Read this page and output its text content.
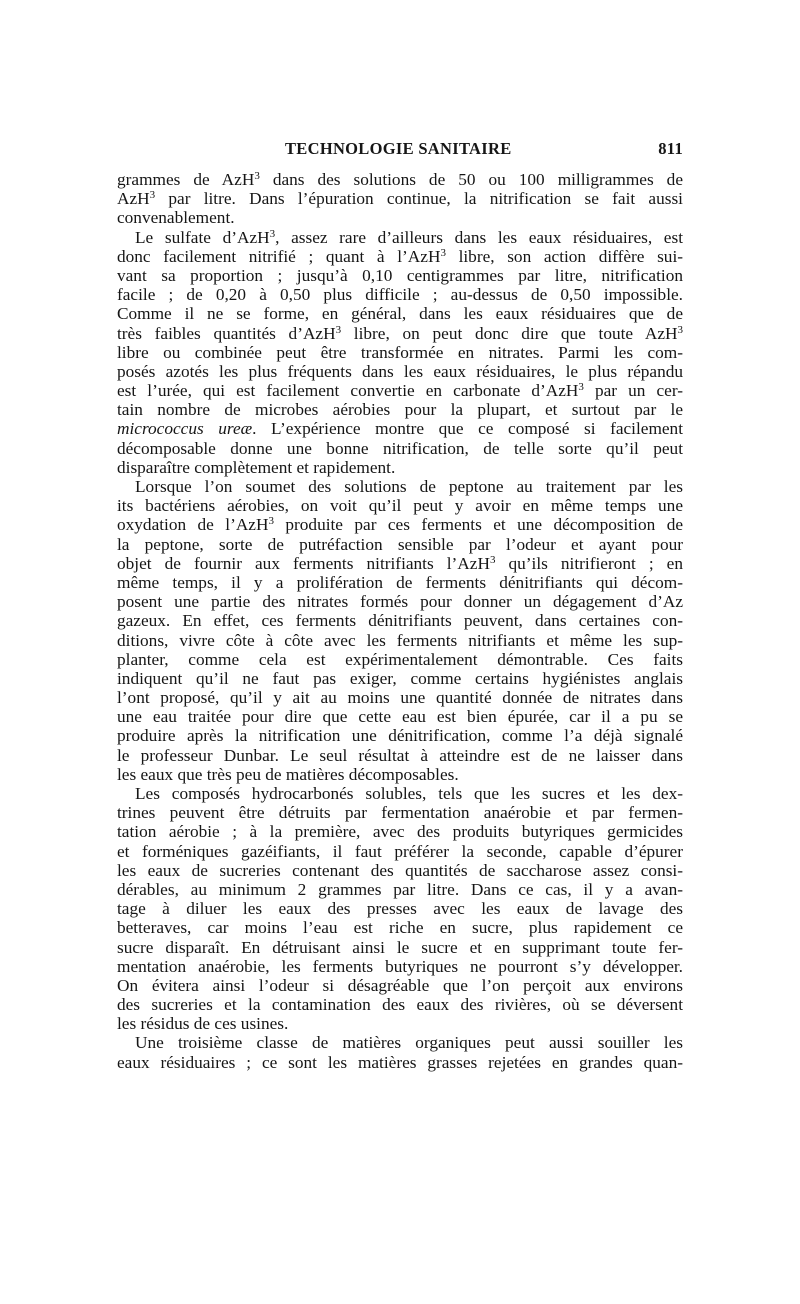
TECHNOLOGIE SANITAIRE	811
grammes de AzH$^3$ dans des solutions de 50 ou 100 milligrammes de
AzH$^3$ par litre. Dans l’épuration continue, la nitrification se fait aussi
convenablement.
Le sulfate d’AzH$^3$, assez rare d’ailleurs dans les eaux résiduaires, est
donc facilement nitrifié ; quant à l’AzH$^3$ libre, son action diffère sui-
vant sa proportion ; jusqu’à 0,10 centigrammes par litre, nitrification
facile ; de 0,20 à 0,50 plus difficile ; au-dessus de 0,50 impossible.
Comme il ne se forme, en général, dans les eaux résiduaires que de
très faibles quantités d’AzH$^3$ libre, on peut donc dire que toute AzH$^3$
libre ou combinée peut être transformée en nitrates. Parmi les com-
posés azotés les plus fréquents dans les eaux résiduaires, le plus répandu
est l’urée, qui est facilement convertie en carbonate d’AzH$^3$ par un cer-
tain nombre de microbes aérobies pour la plupart, et surtout par le
micrococcus ureæ. L’expérience montre que ce composé si facilement
décomposable donne une bonne nitrification, de telle sorte qu’il peut
disparaître complètement et rapidement.
Lorsque l’on soumet des solutions de peptone au traitement par les
its bactériens aérobies, on voit qu’il peut y avoir en même temps une
oxydation de l’AzH$^3$ produite par ces ferments et une décomposition de
la peptone, sorte de putréfaction sensible par l’odeur et ayant pour
objet de fournir aux ferments nitrifiants l’AzH$^3$ qu’ils nitrifieront ; en
même temps, il y a prolifération de ferments dénitrifiants qui décom-
posent une partie des nitrates formés pour donner un dégagement d’Az
gazeux. En effet, ces ferments dénitrifiants peuvent, dans certaines con-
ditions, vivre côte à côte avec les ferments nitrifiants et même les sup-
planter, comme cela est expérimentalement démontrable. Ces faits
indiquent qu’il ne faut pas exiger, comme certains hygiénistes anglais
l’ont proposé, qu’il y ait au moins une quantité donnée de nitrates dans
une eau traitée pour dire que cette eau est bien épurée, car il a pu se
produire après la nitrification une dénitrification, comme l’a déjà signalé
le professeur Dunbar. Le seul résultat à atteindre est de ne laisser dans
les eaux que très peu de matières décomposables.
Les composés hydrocarbonés solubles, tels que les sucres et les dex-
trines peuvent être détruits par fermentation anaérobie et par fermen-
tation aérobie ; à la première, avec des produits butyriques germicides
et forméniques gazéifiants, il faut préférer la seconde, capable d’épurer
les eaux de sucreries contenant des quantités de saccharose assez consi-
dérables, au minimum 2 grammes par litre. Dans ce cas, il y a avan-
tage à diluer les eaux des presses avec les eaux de lavage des
betteraves, car moins l’eau est riche en sucre, plus rapidement ce
sucre disparaît. En détruisant ainsi le sucre et en supprimant toute fer-
mentation anaérobie, les ferments butyriques ne pourront s’y développer.
On évitera ainsi l’odeur si désagréable que l’on perçoit aux environs
des sucreries et la contamination des eaux des rivières, où se déversent
les résidus de ces usines.
Une troisième classe de matières organiques peut aussi souiller les
eaux résiduaires ; ce sont les matières grasses rejetées en grandes quan-
